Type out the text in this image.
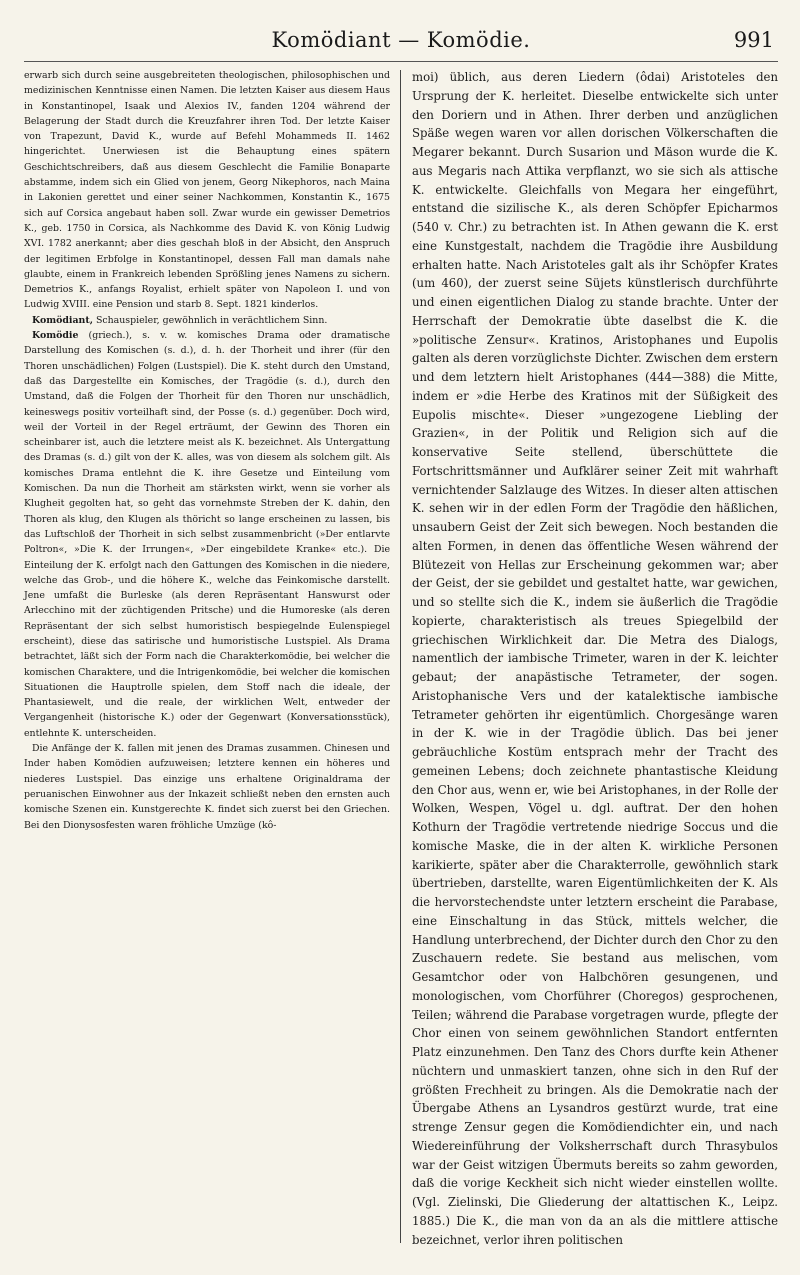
Komödiant — Komödie.	991

erwarb sich durch seine ausgebreiteten theologischen, philosophischen und medizinischen Kenntnisse einen Namen. Die letzten Kaiser aus diesem Haus in Konstantinopel, Isaak und Alexios IV., fanden 1204 während der Belagerung der Stadt durch die Kreuzfahrer ihren Tod. Der letzte Kaiser von Trapezunt, David K., wurde auf Befehl Mohammeds II. 1462 hingerichtet. Unerwiesen ist die Behauptung eines spätern Geschichtschreibers, daß aus diesem Geschlecht die Familie Bonaparte abstamme, indem sich ein Glied von jenem, Georg Nikephoros, nach Maina in Lakonien gerettet und einer seiner Nachkommen, Konstantin K., 1675 sich auf Corsica angebaut haben soll. Zwar wurde ein gewisser Demetrios K., geb. 1750 in Corsica, als Nachkomme des David K. von König Ludwig XVI. 1782 anerkannt; aber dies geschah bloß in der Absicht, den Anspruch der legitimen Erbfolge in Konstantinopel, dessen Fall man damals nahe glaubte, einem in Frankreich lebenden Sprößling jenes Namens zu sichern. Demetrios K., anfangs Royalist, erhielt später von Napoleon I. und von Ludwig XVIII. eine Pension und starb 8. Sept. 1821 kinderlos.

Komödiant, Schauspieler, gewöhnlich in verächtlichem Sinn.

Komödie (griech.), s. v. w. komisches Drama oder dramatische Darstellung des Komischen (s. d.), d. h. der Thorheit und ihrer (für den Thoren unschädlichen) Folgen (Lustspiel). Die K. steht durch den Umstand, daß das Dargestellte ein Komisches, der Tragödie (s. d.), durch den Umstand, daß die Folgen der Thorheit für den Thoren nur unschädlich, keineswegs positiv vorteilhaft sind, der Posse (s. d.) gegenüber. Doch wird, weil der Vorteil in der Regel erträumt, der Gewinn des Thoren ein scheinbarer ist, auch die letztere meist als K. bezeichnet. Als Untergattung des Dramas (s. d.) gilt von der K. alles, was von diesem als solchem gilt. Als komisches Drama entlehnt die K. ihre Gesetze und Einteilung vom Komischen. Da nun die Thorheit am stärksten wirkt, wenn sie vorher als Klugheit gegolten hat, so geht das vornehmste Streben der K. dahin, den Thoren als klug, den Klugen als thöricht so lange erscheinen zu lassen, bis das Luftschloß der Thorheit in sich selbst zusammenbricht (»Der entlarvte Poltron«, »Die K. der Irrungen«, »Der eingebildete Kranke« etc.). Die Einteilung der K. erfolgt nach den Gattungen des Komischen in die niedere, welche das Grob-, und die höhere K., welche das Feinkomische darstellt. Jene umfaßt die Burleske (als deren Repräsentant Hanswurst oder Arlecchino mit der züchtigenden Pritsche) und die Humoreske (als deren Repräsentant der sich selbst humoristisch bespiegelnde Eulenspiegel erscheint), diese das satirische und humoristische Lustspiel. Als Drama betrachtet, läßt sich der Form nach die Charakterkomödie, bei welcher die komischen Charaktere, und die Intrigenkomödie, bei welcher die komischen Situationen die Hauptrolle spielen, dem Stoff nach die ideale, der Phantasiewelt, und die reale, der wirklichen Welt, entweder der Vergangenheit (historische K.) oder der Gegenwart (Konversationsstück), entlehnte K. unterscheiden.

Die Anfänge der K. fallen mit jenen des Dramas zusammen. Chinesen und Inder haben Komödien aufzuweisen; letztere kennen ein höheres und niederes Lustspiel. Das einzige uns erhaltene Originaldrama der peruanischen Einwohner aus der Inkazeit schließt neben den ernsten auch komische Szenen ein. Kunstgerechte K. findet sich zuerst bei den Griechen. Bei den Dionysosfesten waren fröhliche Umzüge (kô-

moi) üblich, aus deren Liedern (ôdai) Aristoteles den Ursprung der K. herleitet. Dieselbe entwickelte sich unter den Doriern und in Athen. Ihrer derben und anzüglichen Späße wegen waren vor allen dorischen Völkerschaften die Megarer bekannt. Durch Susarion und Mäson wurde die K. aus Megaris nach Attika verpflanzt, wo sie sich als attische K. entwickelte. Gleichfalls von Megara her eingeführt, entstand die sizilische K., als deren Schöpfer Epicharmos (540 v. Chr.) zu betrachten ist. In Athen gewann die K. erst eine Kunstgestalt, nachdem die Tragödie ihre Ausbildung erhalten hatte. Nach Aristoteles galt als ihr Schöpfer Krates (um 460), der zuerst seine Süjets künstlerisch durchführte und einen eigentlichen Dialog zu stande brachte. Unter der Herrschaft der Demokratie übte daselbst die K. die »politische Zensur«. Kratinos, Aristophanes und Eupolis galten als deren vorzüglichste Dichter. Zwischen dem erstern und dem letztern hielt Aristophanes (444—388) die Mitte, indem er »die Herbe des Kratinos mit der Süßigkeit des Eupolis mischte«. Dieser »ungezogene Liebling der Grazien«, in der Politik und Religion sich auf die konservative Seite stellend, überschüttete die Fortschrittsmänner und Aufklärer seiner Zeit mit wahrhaft vernichtender Salzlauge des Witzes. In dieser alten attischen K. sehen wir in der edlen Form der Tragödie den häßlichen, unsaubern Geist der Zeit sich bewegen. Noch bestanden die alten Formen, in denen das öffentliche Wesen während der Blütezeit von Hellas zur Erscheinung gekommen war; aber der Geist, der sie gebildet und gestaltet hatte, war gewichen, und so stellte sich die K., indem sie äußerlich die Tragödie kopierte, charakteristisch als treues Spiegelbild der griechischen Wirklichkeit dar. Die Metra des Dialogs, namentlich der iambische Trimeter, waren in der K. leichter gebaut; der anapästische Tetrameter, der sogen. Aristophanische Vers und der katalektische iambische Tetrameter gehörten ihr eigentümlich. Chorgesänge waren in der K. wie in der Tragödie üblich. Das bei jener gebräuchliche Kostüm entsprach mehr der Tracht des gemeinen Lebens; doch zeichnete phantastische Kleidung den Chor aus, wenn er, wie bei Aristophanes, in der Rolle der Wolken, Wespen, Vögel u. dgl. auftrat. Der den hohen Kothurn der Tragödie vertretende niedrige Soccus und die komische Maske, die in der alten K. wirkliche Personen karikierte, später aber die Charakterrolle, gewöhnlich stark übertrieben, darstellte, waren Eigentümlichkeiten der K. Als die hervorstechendste unter letztern erscheint die Parabase, eine Einschaltung in das Stück, mittels welcher, die Handlung unterbrechend, der Dichter durch den Chor zu den Zuschauern redete. Sie bestand aus melischen, vom Gesamtchor oder von Halbchören gesungenen, und monologischen, vom Chorführer (Choregos) gesprochenen, Teilen; während die Parabase vorgetragen wurde, pflegte der Chor einen von seinem gewöhnlichen Standort entfernten Platz einzunehmen. Den Tanz des Chors durfte kein Athener nüchtern und unmaskiert tanzen, ohne sich in den Ruf der größten Frechheit zu bringen. Als die Demokratie nach der Übergabe Athens an Lysandros gestürzt wurde, trat eine strenge Zensur gegen die Komödiendichter ein, und nach Wiedereinführung der Volksherrschaft durch Thrasybulos war der Geist witzigen Übermuts bereits so zahm geworden, daß die vorige Keckheit sich nicht wieder einstellen wollte. (Vgl. Zielinski, Die Gliederung der altattischen K., Leipz. 1885.) Die K., die man von da an als die mittlere attische bezeichnet, verlor ihren politischen
